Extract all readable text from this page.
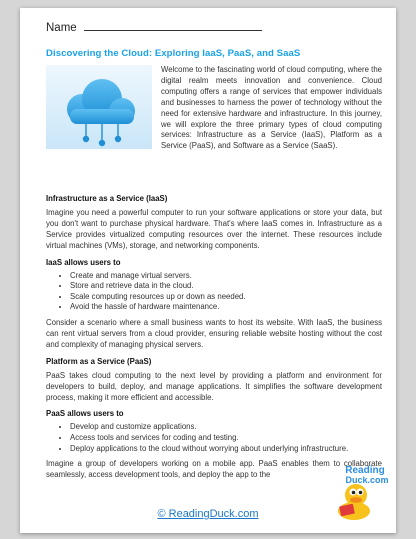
Name
Discovering the Cloud: Exploring IaaS, PaaS, and SaaS
Welcome to the fascinating world of cloud computing, where the digital realm meets innovation and convenience. Cloud computing offers a range of services that empower individuals and businesses to harness the power of technology without the need for extensive hardware and infrastructure. In this journey, we will explore the three primary types of cloud computing services: Infrastructure as a Service (IaaS), Platform as a Service (PaaS), and Software as a Service (SaaS).
Infrastructure as a Service (IaaS)
Imagine you need a powerful computer to run your software applications or store your data, but you don't want to purchase physical hardware. That's where IaaS comes in. Infrastructure as a Service provides virtualized computing resources over the internet. These resources include virtual machines (VMs), storage, and networking components.
IaaS allows users to
• Create and manage virtual servers.
• Store and retrieve data in the cloud.
• Scale computing resources up or down as needed.
• Avoid the hassle of hardware maintenance.
Consider a scenario where a small business wants to host its website. With IaaS, the business can rent virtual servers from a cloud provider, ensuring reliable website hosting without the cost and complexity of managing physical servers.
Platform as a Service (PaaS)
PaaS takes cloud computing to the next level by providing a platform and environment for developers to build, deploy, and manage applications. It simplifies the software development process, making it more efficient and accessible.
PaaS allows users to
• Develop and customize applications.
• Access tools and services for coding and testing.
• Deploy applications to the cloud without worrying about underlying infrastructure.
Imagine a group of developers working on a mobile app. PaaS enables them to collaborate seamlessly, access development tools, and deploy the app to the
© ReadingDuck.com
Reading
Duck.com
